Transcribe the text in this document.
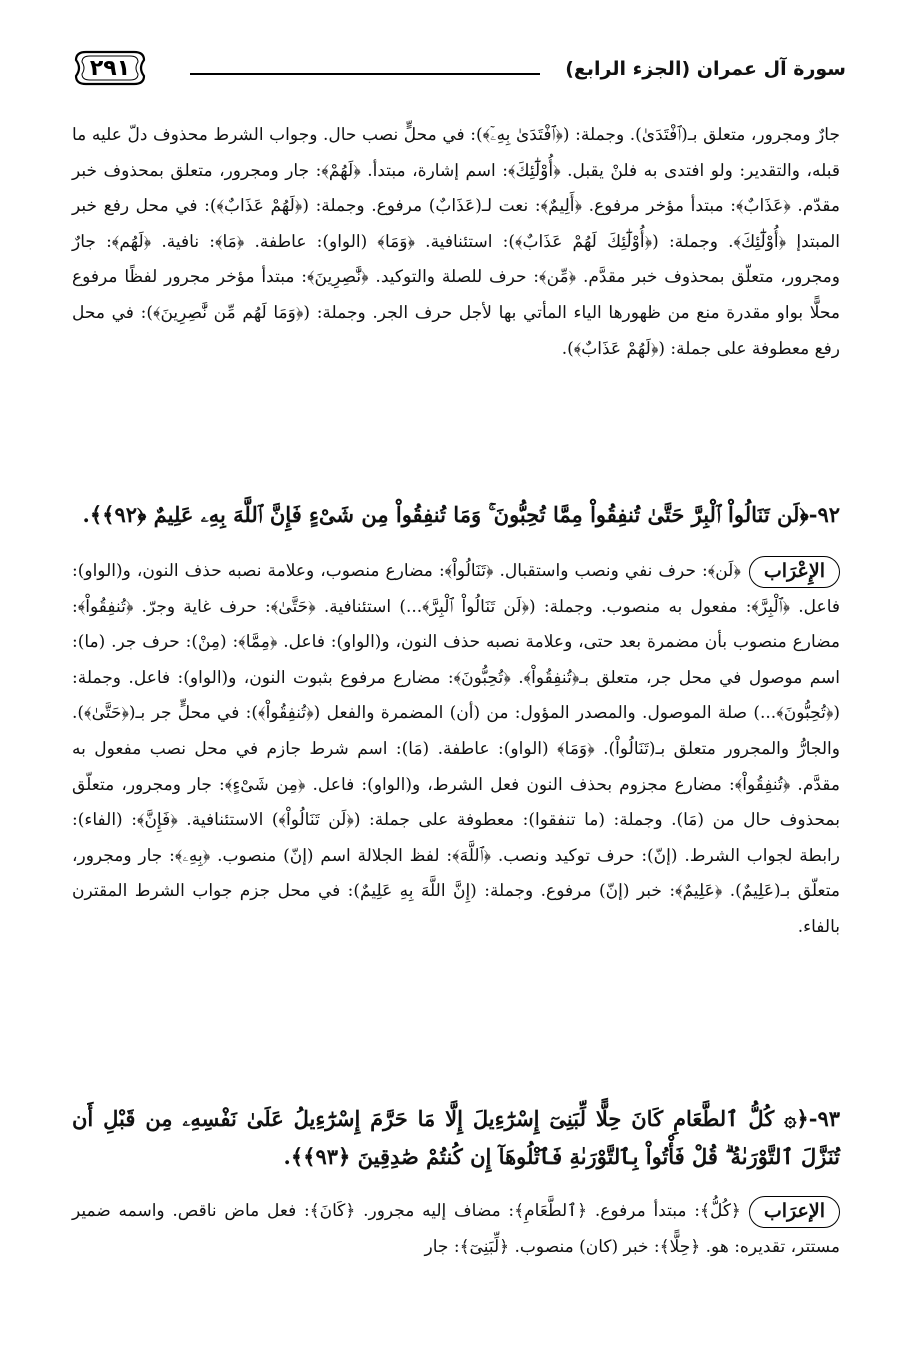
٢٩١	سورة آل عمران (الجزء الرابع)

جارٌ ومجرور، متعلق بـ(ٱفْتَدَىٰ). وجملة: (﴿ٱفْتَدَىٰ بِهِۦٓ﴾): في محلٍّ نصب حال. وجواب الشرط محذوف دلّ عليه ما قبله، والتقدير: ولو افتدى به فلنْ يقبل. ﴿أُوْلَٰٓئِكَ﴾: اسم إشارة، مبتدأ. ﴿لَهُمْ﴾: جار ومجرور، متعلق بمحذوف خبر مقدّم. ﴿عَذَابٌ﴾: مبتدأ مؤخر مرفوع. ﴿أَلِيمٌ﴾: نعت لـ(عَذَابٌ) مرفوع. وجملة: (﴿لَهُمْ عَذَابٌ﴾): في محل رفع خبر المبتدإ ﴿أُوْلَٰٓئِكَ﴾. وجملة: (﴿أُوْلَٰٓئِكَ لَهُمْ عَذَابٌ﴾): استئنافية. ﴿وَمَا﴾ (الواو): عاطفة. ﴿مَا﴾: نافية. ﴿لَهُم﴾: جارٌ ومجرور، متعلّق بمحذوف خبر مقدَّم. ﴿مِّن﴾: حرف للصلة والتوكيد. ﴿نَّٰصِرِينَ﴾: مبتدأ مؤخر مجرور لفظًا مرفوع محلًّا بواو مقدرة منع من ظهورها الياء المأتي بها لأجل حرف الجر. وجملة: (﴿وَمَا لَهُم مِّن نَّٰصِرِينَ﴾): في محل رفع معطوفة على جملة: (﴿لَهُمْ عَذَابٌ﴾).

٩٢-﴿لَن تَنَالُواْ ٱلْبِرَّ حَتَّىٰ تُنفِقُواْ مِمَّا تُحِبُّونَ ۚ وَمَا تُنفِقُواْ مِن شَىْءٍ فَإِنَّ ٱللَّهَ بِهِۦ عَلِيمٌ ﴿٩٢﴾﴾.

الإِعْرَاب

﴿لَن﴾: حرف نفي ونصب واستقبال. ﴿تَنَالُواْ﴾: مضارع منصوب، وعلامة نصبه حذف النون، و(الواو): فاعل. ﴿ٱلْبِرَّ﴾: مفعول به منصوب. وجملة: (﴿لَن تَنَالُواْ ٱلْبِرَّ﴾...) استئنافية. ﴿حَتَّىٰ﴾: حرف غاية وجرّ. ﴿تُنفِقُواْ﴾: مضارع منصوب بأن مضمرة بعد حتى، وعلامة نصبه حذف النون، و(الواو): فاعل. ﴿مِمَّا﴾: (مِنْ): حرف جر. (ما): اسم موصول في محل جر، متعلق بـ﴿تُنفِقُواْ﴾. ﴿تُحِبُّونَ﴾: مضارع مرفوع بثبوت النون، و(الواو): فاعل. وجملة:(﴿تُحِبُّونَ﴾...) صلة الموصول. والمصدر المؤول: من (أن) المضمرة والفعل (﴿تُنفِقُواْ﴾): في محلٍّ جر بـ(﴿حَتَّىٰ﴾). والجارُّ والمجرور متعلق بـ(تَنَالُواْ). ﴿وَمَا﴾ (الواو): عاطفة. (مَا): اسم شرط جازم في محل نصب مفعول به مقدَّم. ﴿تُنفِقُواْ﴾: مضارع مجزوم بحذف النون فعل الشرط، و(الواو): فاعل. ﴿مِن شَىْءٍ﴾: جار ومجرور، متعلّق بمحذوف حال من (مَا). وجملة: (ما تنفقوا): معطوفة على جملة: (﴿لَن تَنَالُواْ﴾) الاستئنافية. ﴿فَإِنَّ﴾: (الفاء): رابطة لجواب الشرط. (إنّ): حرف توكيد ونصب. ﴿ٱللَّهَ﴾: لفظ الجلالة اسم (إنّ) منصوب. ﴿بِهِۦ﴾: جار ومجرور، متعلّق بـ(عَلِيمٌ). ﴿عَلِيمٌ﴾: خبر (إنّ) مرفوع. وجملة: (إِنَّ اللَّهَ بِهِ عَلِيمٌ): في محل جزم جواب الشرط المقترن بالفاء.

٩٣-﴿۞ كُلُّ ٱلطَّعَامِ كَانَ حِلًّا لِّبَنِىٓ إِسْرَٰٓءِيلَ إِلَّا مَا حَرَّمَ إِسْرَٰٓءِيلُ عَلَىٰ نَفْسِهِۦ مِن قَبْلِ أَن تُنَزَّلَ ٱلتَّوْرَىٰةُ ۗ قُلْ فَأْتُواْ بِٱلتَّوْرَىٰةِ فَٱتْلُوهَآ إِن كُنتُمْ صَٰدِقِينَ ﴿٩٣﴾﴾.

الإعرَاب

﴿كُلُّ﴾: مبتدأ مرفوع. ﴿ٱلطَّعَامِ﴾: مضاف إليه مجرور. ﴿كَانَ﴾: فعل ماض ناقص. واسمه ضمير مستتر، تقديره: هو. ﴿حِلًّا﴾: خبر (كان) منصوب. ﴿لِّبَنِىٓ﴾: جار
